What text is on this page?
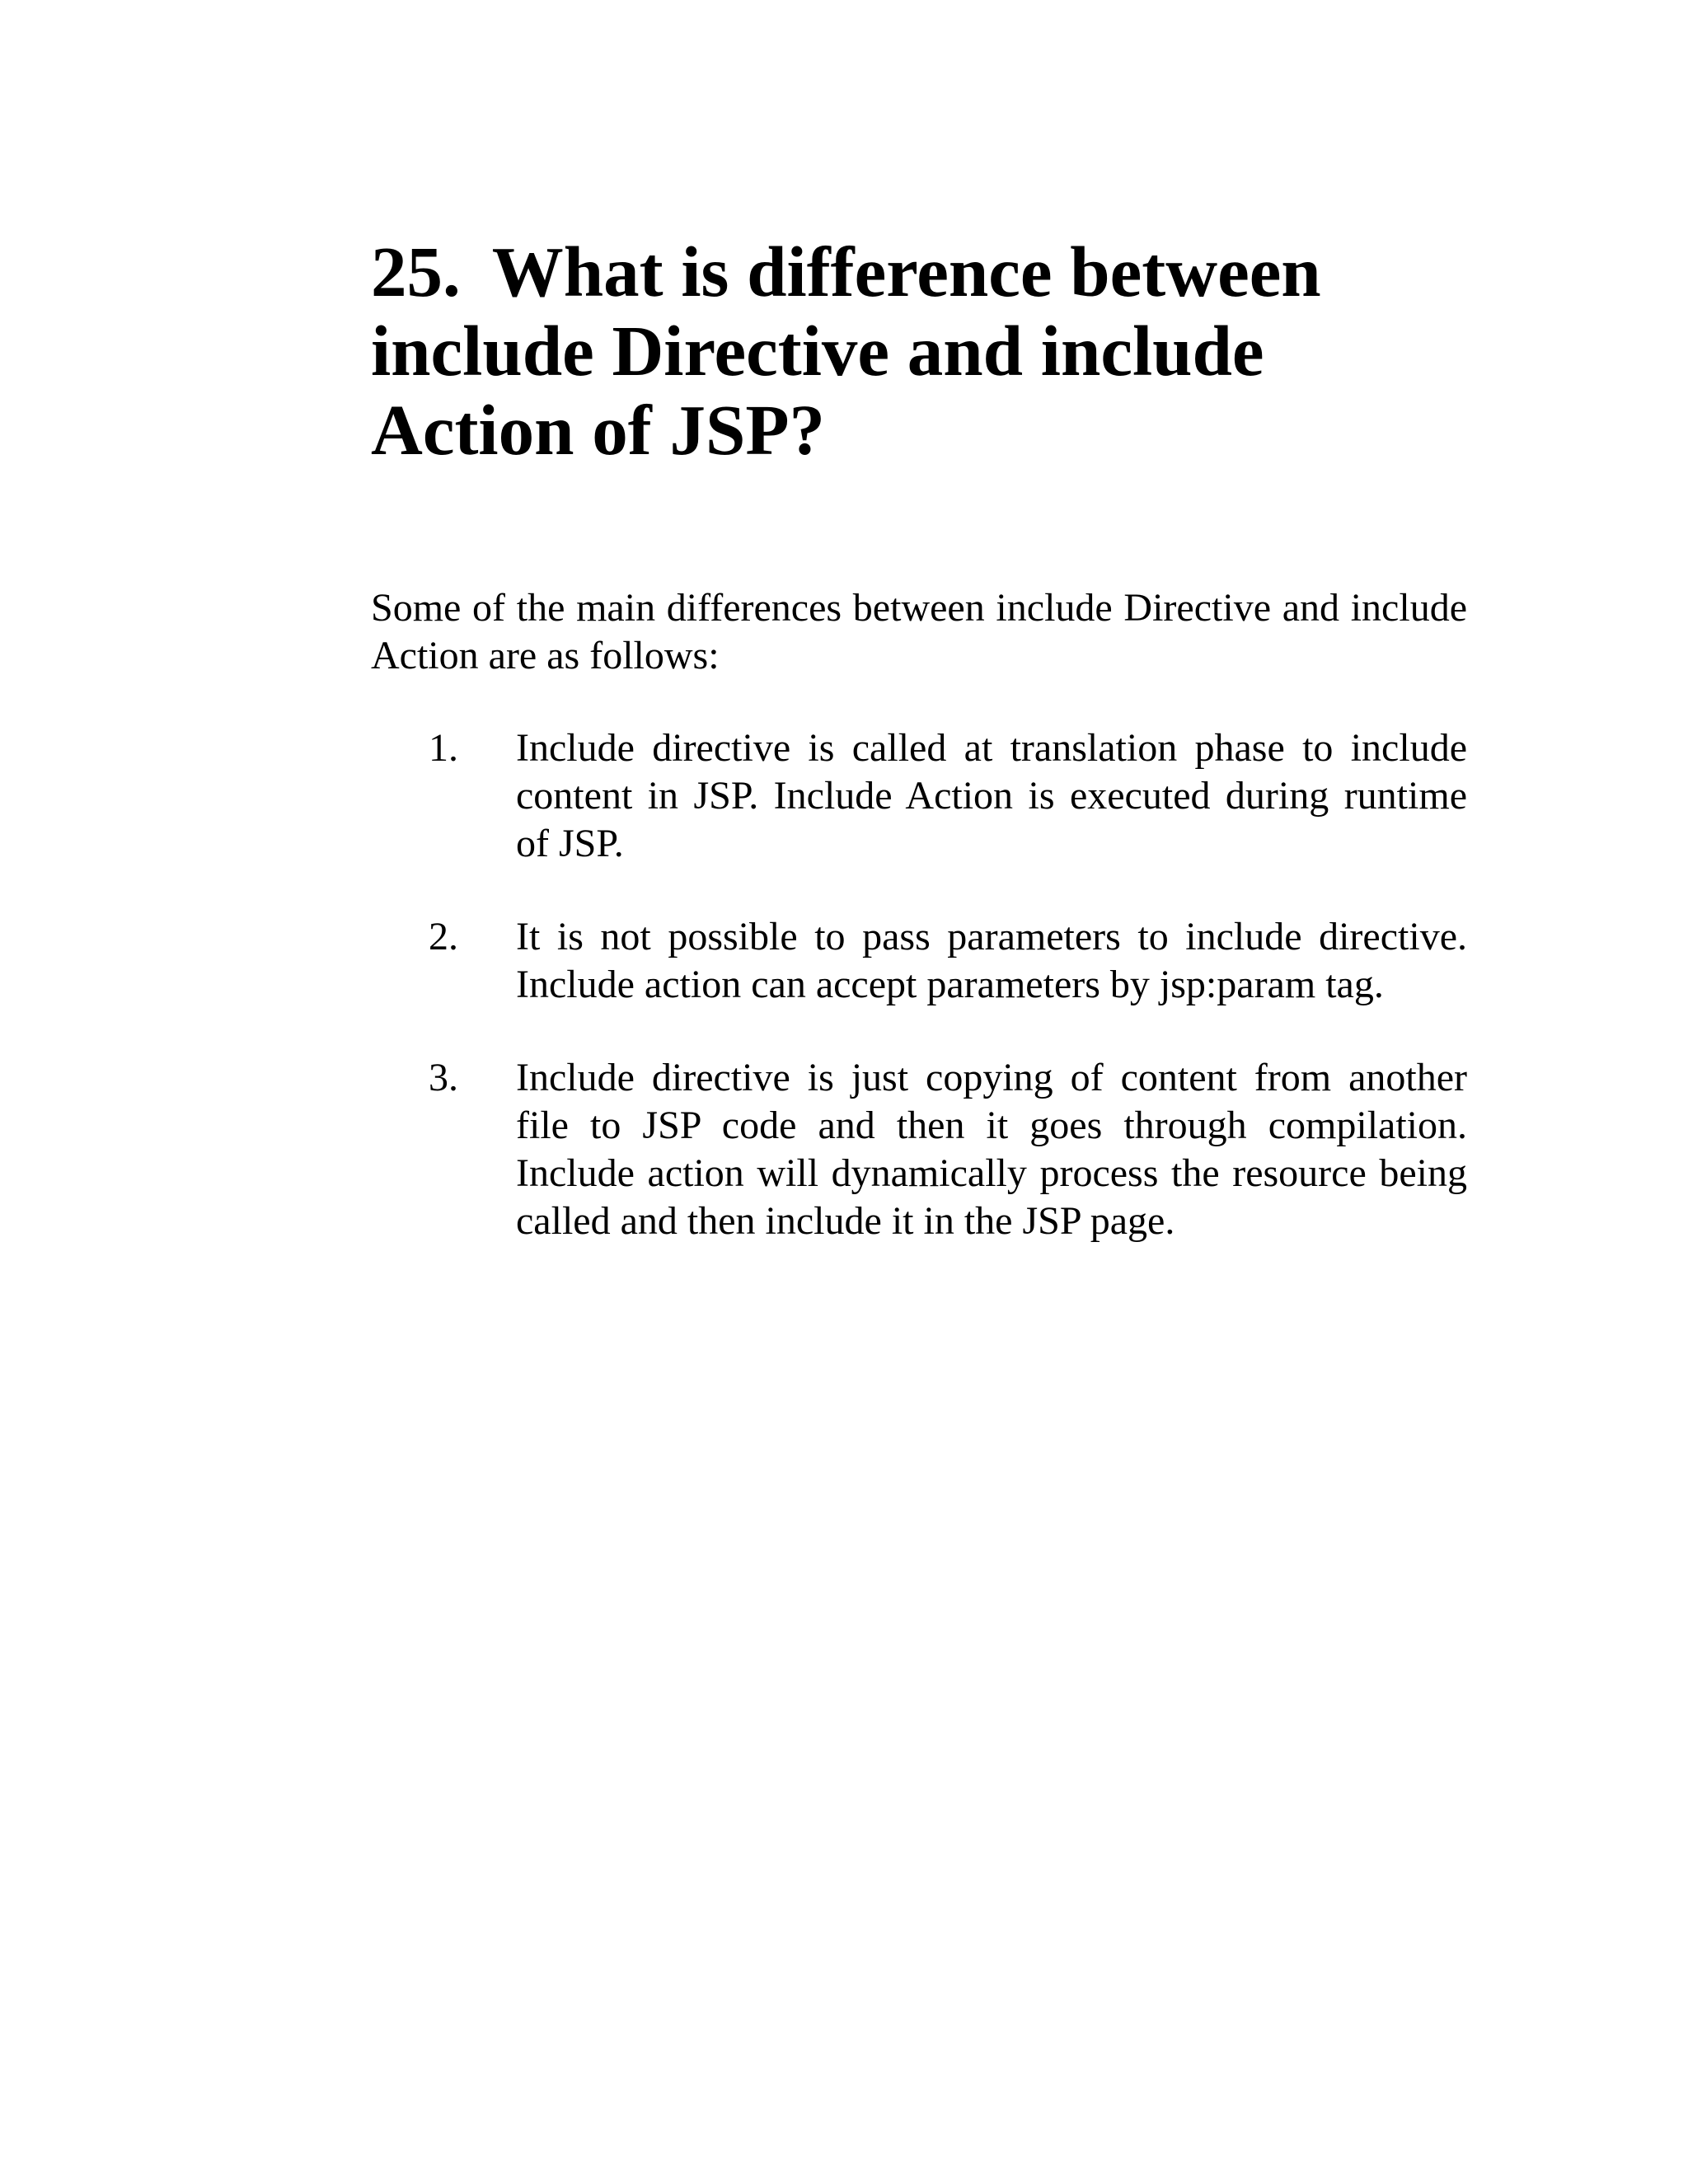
25. What is difference between include Directive and include Action of JSP?

Some of the main differences between include Directive and include Action are as follows:

1.	Include directive is called at translation phase to include content in JSP. Include Action is executed during runtime of JSP.

2.	It is not possible to pass parameters to include directive. Include action can accept parameters by jsp:param tag.

3.	Include directive is just copying of content from another file to JSP code and then it goes through compilation. Include action will dynamically process the resource being called and then include it in the JSP page.
